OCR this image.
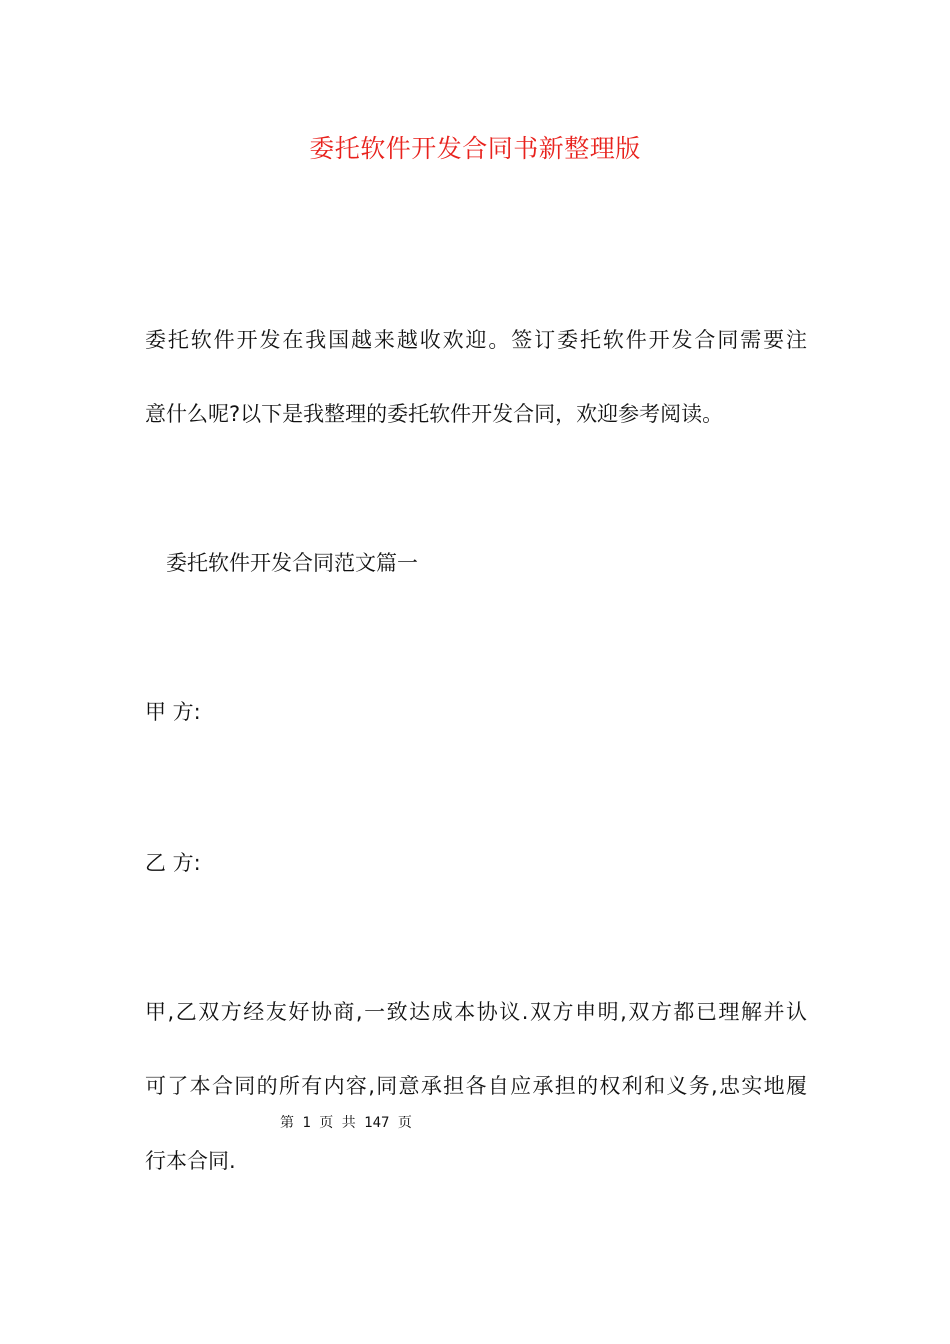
委托软件开发合同书新整理版
委托软件开发在我国越来越收欢迎。签订委托软件开发合同需要注
意什么呢?以下是我整理的委托软件开发合同，欢迎参考阅读。
委托软件开发合同范文篇一
甲 方:
乙 方:
甲,乙双方经友好协商,一致达成本协议.双方申明,双方都已理解并认
可了本合同的所有内容,同意承担各自应承担的权利和义务,忠实地履
第 1 页 共 147 页
行本合同.
